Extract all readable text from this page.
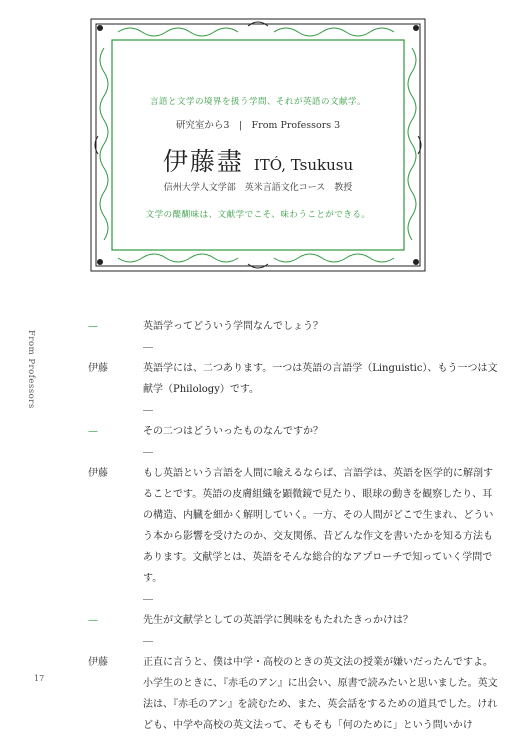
言語と文学の境界を扱う学問、それが英語の文献学。
研究室から3　|　From Professors 3
伊藤盡 ITÓ, Tsukusu
信州大学人文学部　英米言語文化コース　教授
文学の醍醐味は、文献学でこそ、味わうことができる。
From Professors
17
—	英語学ってどういう学問なんでしょう？
伊藤	英語学には、二つあります。一つは英語の言語学（Linguistic）、もう一つは文献学（Philology）です。
—	その二つはどういったものなんですか？
伊藤	もし英語という言語を人間に喩えるならば、言語学は、英語を医学的に解剖することです。英語の皮膚組織を顕微鏡で見たり、眼球の動きを観察したり、耳の構造、内臓を細かく解明していく。一方、その人間がどこで生まれ、どういう本から影響を受けたのか、交友関係、昔どんな作文を書いたかを知る方法もあります。文献学とは、英語をそんな総合的なアプローチで知っていく学問です。
—	先生が文献学としての英語学に興味をもたれたきっかけは？
伊藤	正直に言うと、僕は中学・高校のときの英文法の授業が嫌いだったんですよ。小学生のときに、『赤毛のアン』に出会い、原書で読みたいと思いました。英文法は、『赤毛のアン』を読むため、また、英会話をするための道具でした。けれども、中学や高校の英文法って、そもそも「何のために」という問いかけ
